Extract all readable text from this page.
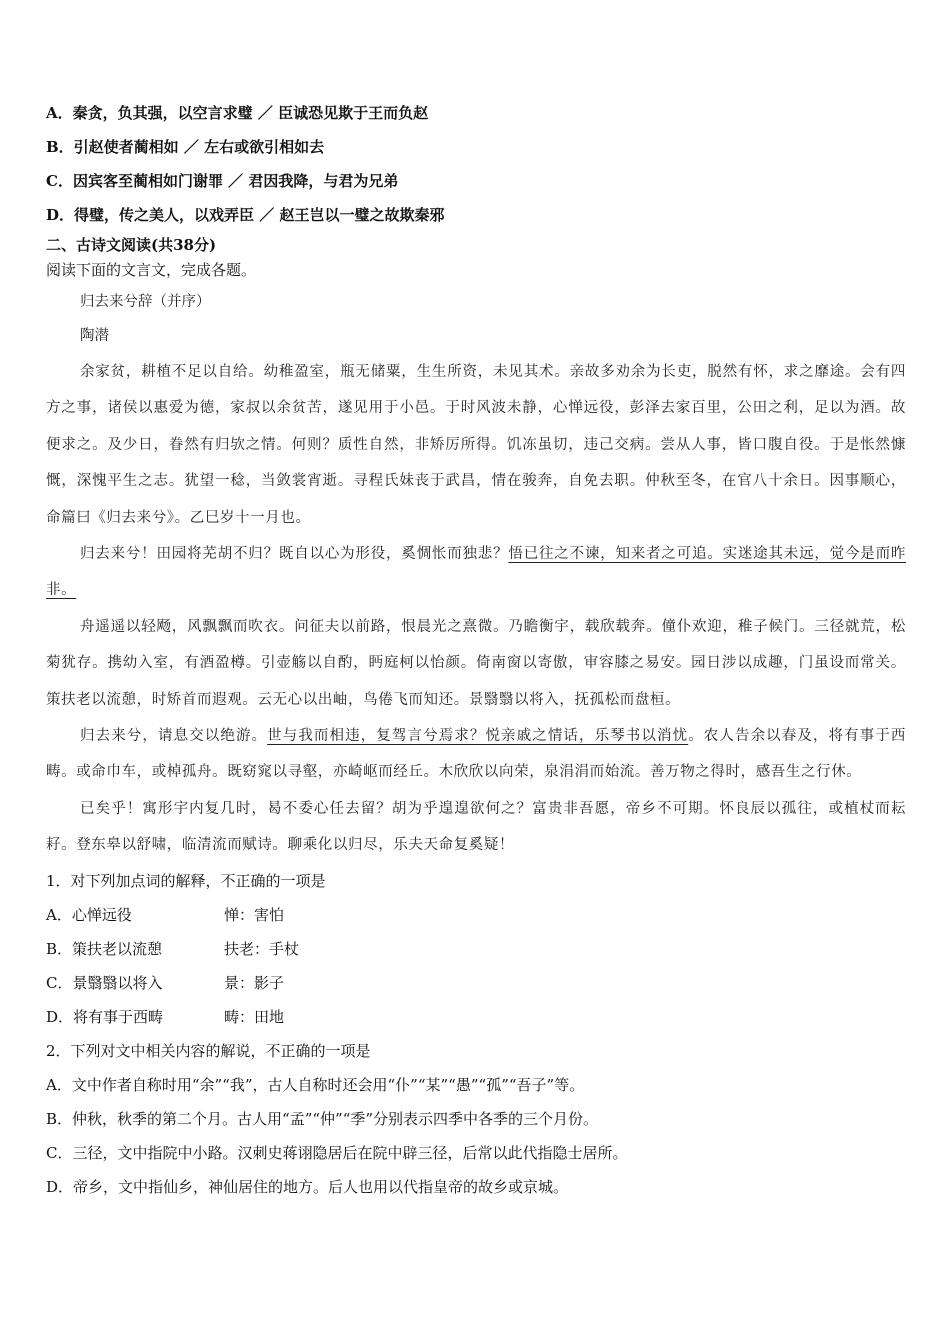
A．秦贪，负其强，以空言求璧 ／ 臣诚恐见欺于王而负赵
B．引赵使者蔺相如 ／ 左右或欲引相如去
C．因宾客至蔺相如门谢罪 ／ 君因我降，与君为兄弟
D．得璧，传之美人，以戏弄臣 ／ 赵王岂以一璧之故欺秦邪
二、古诗文阅读(共38分)
阅读下面的文言文，完成各题。
归去来兮辞（并序）
陶潜
余家贫，耕植不足以自给。幼稚盈室，瓶无储粟，生生所资，未见其术。亲故多劝余为长吏，脱然有怀，求之靡途。会有四方之事，诸侯以惠爱为德，家叔以余贫苦，遂见用于小邑。于时风波未静，心惮远役，彭泽去家百里，公田之利，足以为酒。故便求之。及少日，眷然有归欤之情。何则？质性自然，非矫厉所得。饥冻虽切，违己交病。尝从人事，皆口腹自役。于是怅然慷慨，深愧平生之志。犹望一稔，当敛裳宵逝。寻程氏妹丧于武昌，情在骏奔，自免去职。仲秋至冬，在官八十余日。因事顺心，命篇曰《归去来兮》。乙巳岁十一月也。
归去来兮！田园将芜胡不归？既自以心为形役，奚惆怅而独悲？悟已往之不谏，知来者之可追。实迷途其未远，觉今是而昨非。
舟遥遥以轻飏，风飘飘而吹衣。问征夫以前路，恨晨光之熹微。乃瞻衡宇，载欣载奔。僮仆欢迎，稚子候门。三径就荒，松菊犹存。携幼入室，有酒盈樽。引壶觞以自酌，眄庭柯以怡颜。倚南窗以寄傲，审容膝之易安。园日涉以成趣，门虽设而常关。策扶老以流憩，时矫首而遐观。云无心以出岫，鸟倦飞而知还。景翳翳以将入，抚孤松而盘桓。
归去来兮，请息交以绝游。世与我而相违，复驾言兮焉求？悦亲戚之情话，乐琴书以消忧。农人告余以春及，将有事于西畴。或命巾车，或棹孤舟。既窈窕以寻壑，亦崎岖而经丘。木欣欣以向荣，泉涓涓而始流。善万物之得时，感吾生之行休。
已矣乎！寓形宇内复几时，曷不委心任去留？胡为乎遑遑欲何之？富贵非吾愿，帝乡不可期。怀良辰以孤往，或植杖而耘耔。登东皋以舒啸，临清流而赋诗。聊乘化以归尽，乐夫天命复奚疑！
1．对下列加点词的解释，不正确的一项是
A．心惮远役	惮：害怕
B．策扶老以流憩	扶老：手杖
C．景翳翳以将入	景：影子
D．将有事于西畴	畴：田地
2．下列对文中相关内容的解说，不正确的一项是
A．文中作者自称时用“余”“我”，古人自称时还会用“仆”“某”“愚”“孤”“吾子”等。
B．仲秋，秋季的第二个月。古人用“孟”“仲”“季”分别表示四季中各季的三个月份。
C．三径，文中指院中小路。汉刺史蒋诩隐居后在院中辟三径，后常以此代指隐士居所。
D．帝乡，文中指仙乡，神仙居住的地方。后人也用以代指皇帝的故乡或京城。
